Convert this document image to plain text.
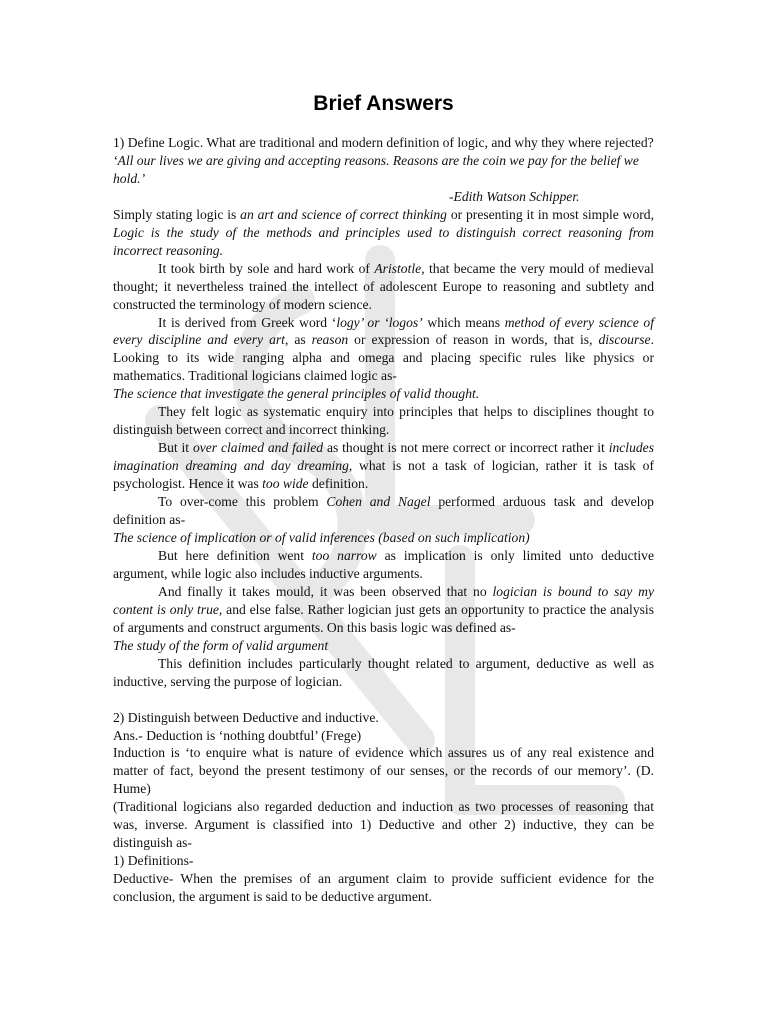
Brief Answers

1) Define Logic. What are traditional and modern definition of logic, and why they where rejected?

‘All our lives we are giving and accepting reasons. Reasons are the coin we pay for the belief we hold.’

-Edith Watson Schipper.

Simply stating logic is an art and science of correct thinking or presenting it in most simple word, Logic is the study of the methods and principles used to distinguish correct reasoning from incorrect reasoning.

It took birth by sole and hard work of Aristotle, that became the very mould of medieval thought; it nevertheless trained the intellect of adolescent Europe to reasoning and subtlety and constructed the terminology of modern science.

It is derived from Greek word ‘logy’ or ‘logos’ which means method of every science of every discipline and every art, as reason or expression of reason in words, that is, discourse. Looking to its wide ranging alpha and omega and placing specific rules like physics or mathematics. Traditional logicians claimed logic as-

The science that investigate the general principles of valid thought.

They felt logic as systematic enquiry into principles that helps to disciplines thought to distinguish between correct and incorrect thinking.

But it over claimed and failed as thought is not mere correct or incorrect rather it includes imagination dreaming and day dreaming, what is not a task of logician, rather it is task of psychologist. Hence it was too wide definition.

To over-come this problem Cohen and Nagel performed arduous task and develop definition as-

The science of implication or of valid inferences (based on such implication)

But here definition went too narrow as implication is only limited unto deductive argument, while logic also includes inductive arguments.

And finally it takes mould, it was been observed that no logician is bound to say my content is only true, and else false. Rather logician just gets an opportunity to practice the analysis of arguments and construct arguments. On this basis logic was defined as-

The study of the form of valid argument

This definition includes particularly thought related to argument, deductive as well as inductive, serving the purpose of logician.

2) Distinguish between Deductive and inductive.

Ans.- Deduction is ‘nothing doubtful’ (Frege)

Induction is ‘to enquire what is nature of evidence which assures us of any real existence and matter of fact, beyond the present testimony of our senses, or the records of our memory’. (D. Hume)

(Traditional logicians also regarded deduction and induction as two processes of reasoning that was, inverse. Argument is classified into 1) Deductive and other 2) inductive, they can be distinguish as-

1) Definitions-

Deductive- When the premises of an argument claim to provide sufficient evidence for the conclusion, the argument is said to be deductive argument.
